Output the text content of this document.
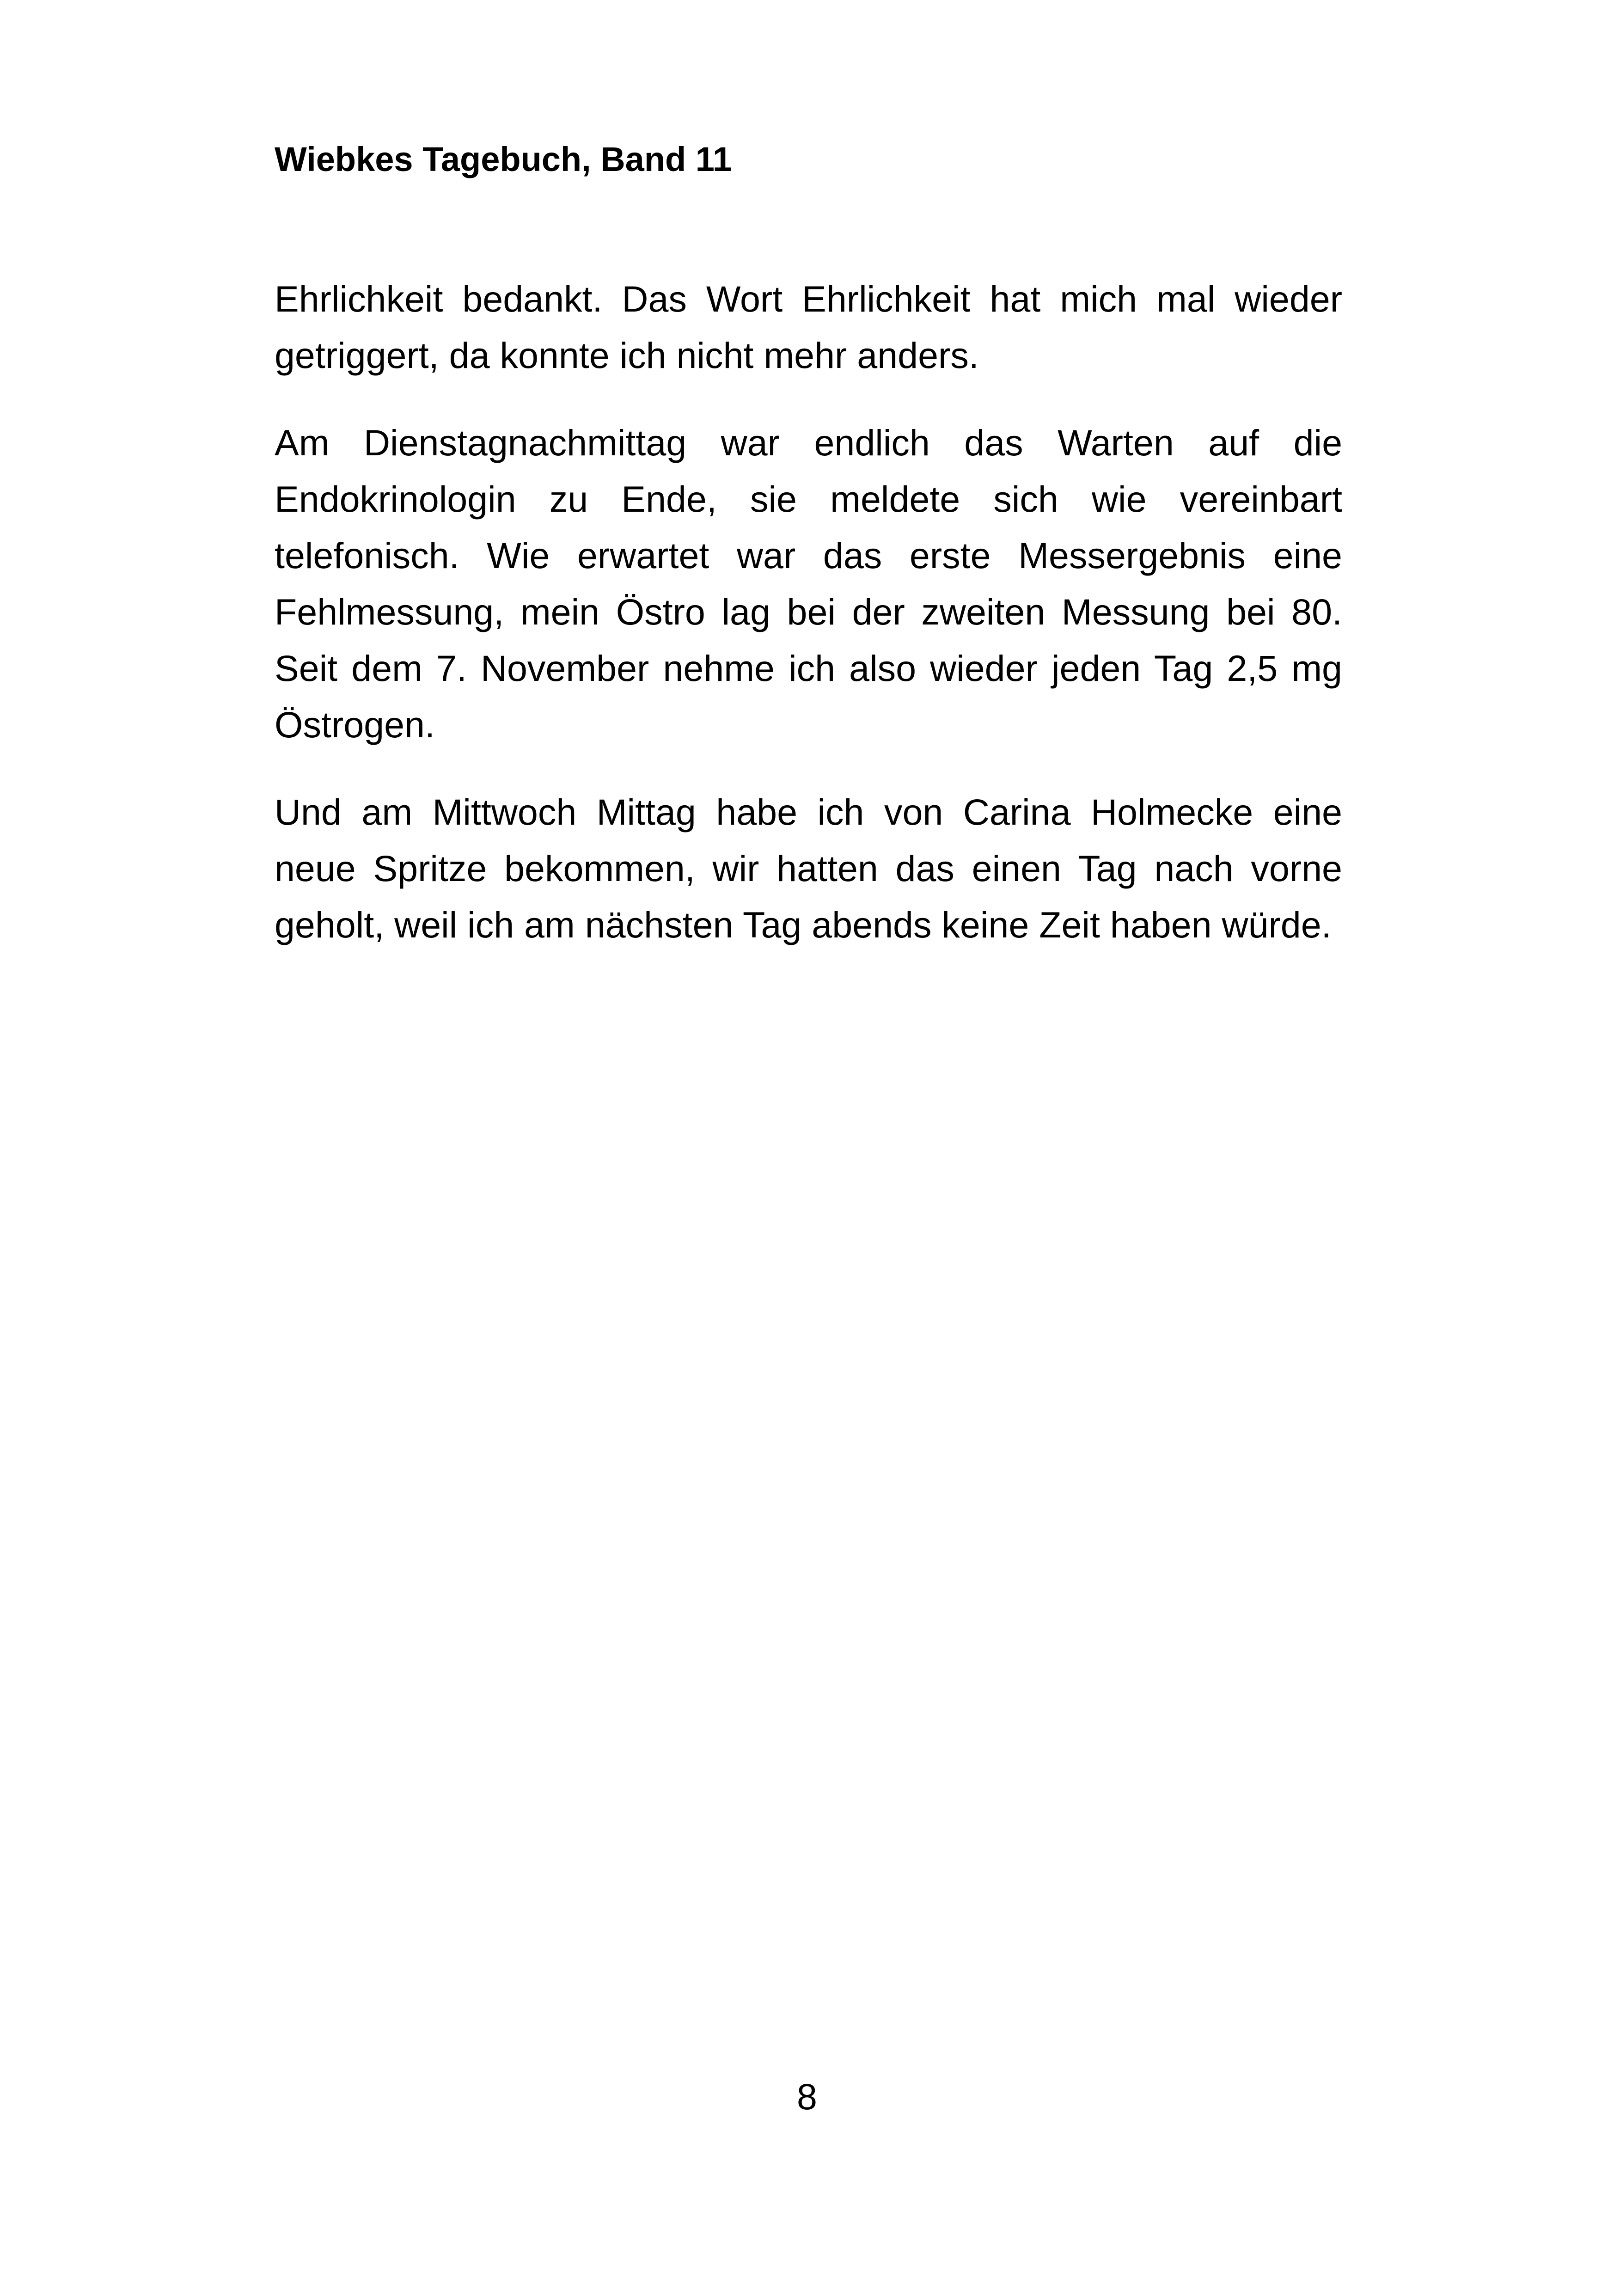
Wiebkes Tagebuch, Band 11

Ehrlichkeit bedankt. Das Wort Ehrlichkeit hat mich mal wieder getriggert, da konnte ich nicht mehr anders.

Am Dienstagnachmittag war endlich das Warten auf die Endokrinologin zu Ende, sie meldete sich wie vereinbart telefonisch. Wie erwartet war das erste Messergebnis eine Fehlmessung, mein Östro lag bei der zweiten Messung bei 80. Seit dem 7. November nehme ich also wieder jeden Tag 2,5 mg Östrogen.

Und am Mittwoch Mittag habe ich von Carina Holmecke eine neue Spritze bekommen, wir hatten das einen Tag nach vorne geholt, weil ich am nächsten Tag abends keine Zeit haben würde.

8
